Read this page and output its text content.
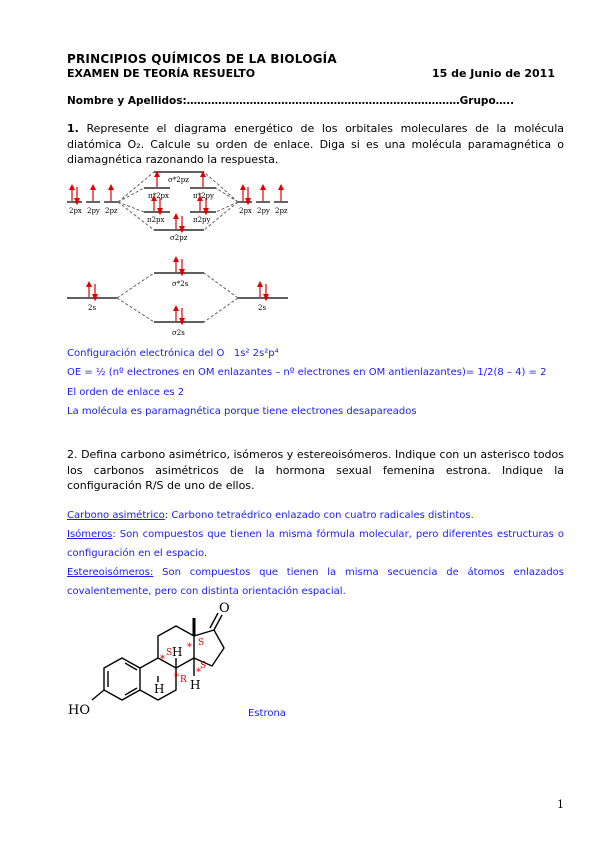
PRINCIPIOS QUÍMICOS DE LA BIOLOGÍA
EXAMEN DE TEORÍA RESUELTO	15 de Junio de 2011
Nombre y Apellidos:……………………………………………………………………Grupo…..
1. Represente el diagrama energético de los orbitales moleculares de la molécula diatómica O₂. Calcule su orden de enlace. Diga si es una molécula paramagnética o diamagnética razonando la respuesta.
2px 2py 2pz	2px 2py 2pz
σ*2pz
π*2px	π*2py
π2px	π2py
σ2pz
2s	2s
σ*2s
σ2s
Configuración electrónica del O 1s² 2s²p⁴
OE = ½ (nº electrones en OM enlazantes – nº electrones en OM antienlazantes)= 1/2(8 – 4) = 2
El orden de enlace es 2
La molécula es paramagnética porque tiene electrones desapareados
2. Defina carbono asimétrico, isómeros y estereoisómeros. Indique con un asterisco todos los carbonos asimétricos de la hormona sexual femenina estrona. Indique la configuración R/S de uno de ellos.
Carbono asimétrico: Carbono tetraédrico enlazado con cuatro radicales distintos.
Isómeros: Son compuestos que tienen la misma fórmula molecular, pero diferentes estructuras o configuración en el espacio.
Estereoisómeros: Son compuestos que tienen la misma secuencia de átomos enlazados covalentemente, pero con distinta orientación espacial.
O
HO
H
H
H
S
S
S
R
*
*
*
*
Estrona
1
